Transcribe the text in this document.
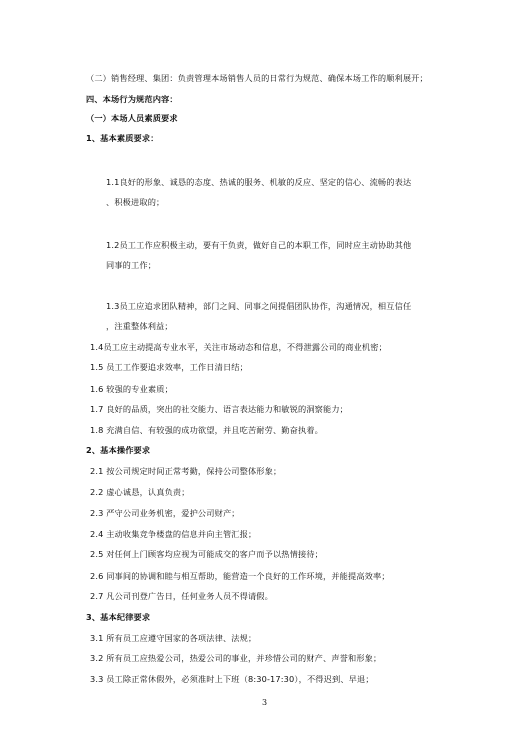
（二）销售经理、集团：负责管理本场销售人员的日常行为规范、确保本场工作的顺利展开；
四、本场行为规范内容：
（一）本场人员素质要求
1、基本素质要求：
1.1良好的形象、诚恳的态度、热诚的服务、机敏的反应、坚定的信心、流畅的表达
、积极进取的；
1.2员工工作应积极主动，要有干负责，做好自己的本职工作，同时应主动协助其他
同事的工作；
1.3员工应追求团队精神，部门之间、同事之间提倡团队协作，沟通情况，相互信任
，注重整体利益；
1.4员工应主动提高专业水平，关注市场动态和信息，不得泄露公司的商业机密；
1.5 员工工作要追求效率，工作日清日结；
1.6 较强的专业素质；
1.7 良好的品质，突出的社交能力、语言表达能力和敏锐的洞察能力；
1.8 充满自信、有较强的成功欲望，并且吃苦耐劳、勤奋执着。
2、基本操作要求
2.1 按公司规定时间正常考勤，保持公司整体形象；
2.2 虚心诚恳，认真负责；
2.3 严守公司业务机密，爱护公司财产；
2.4 主动收集竞争楼盘的信息并向主管汇报；
2.5 对任何上门顾客均应视为可能成交的客户而予以热情接待；
2.6 同事间的协调和睦与相互帮助，能营造一个良好的工作环境，并能提高效率；
2.7 凡公司刊登广告日，任何业务人员不得请假。
3、基本纪律要求
3.1 所有员工应遵守国家的各项法律、法规；
3.2 所有员工应热爱公司，热爱公司的事业，并珍惜公司的财产、声誉和形象；
3.3 员工除正常休假外，必须准时上下班（8:30-17:30），不得迟到、早退；
3
